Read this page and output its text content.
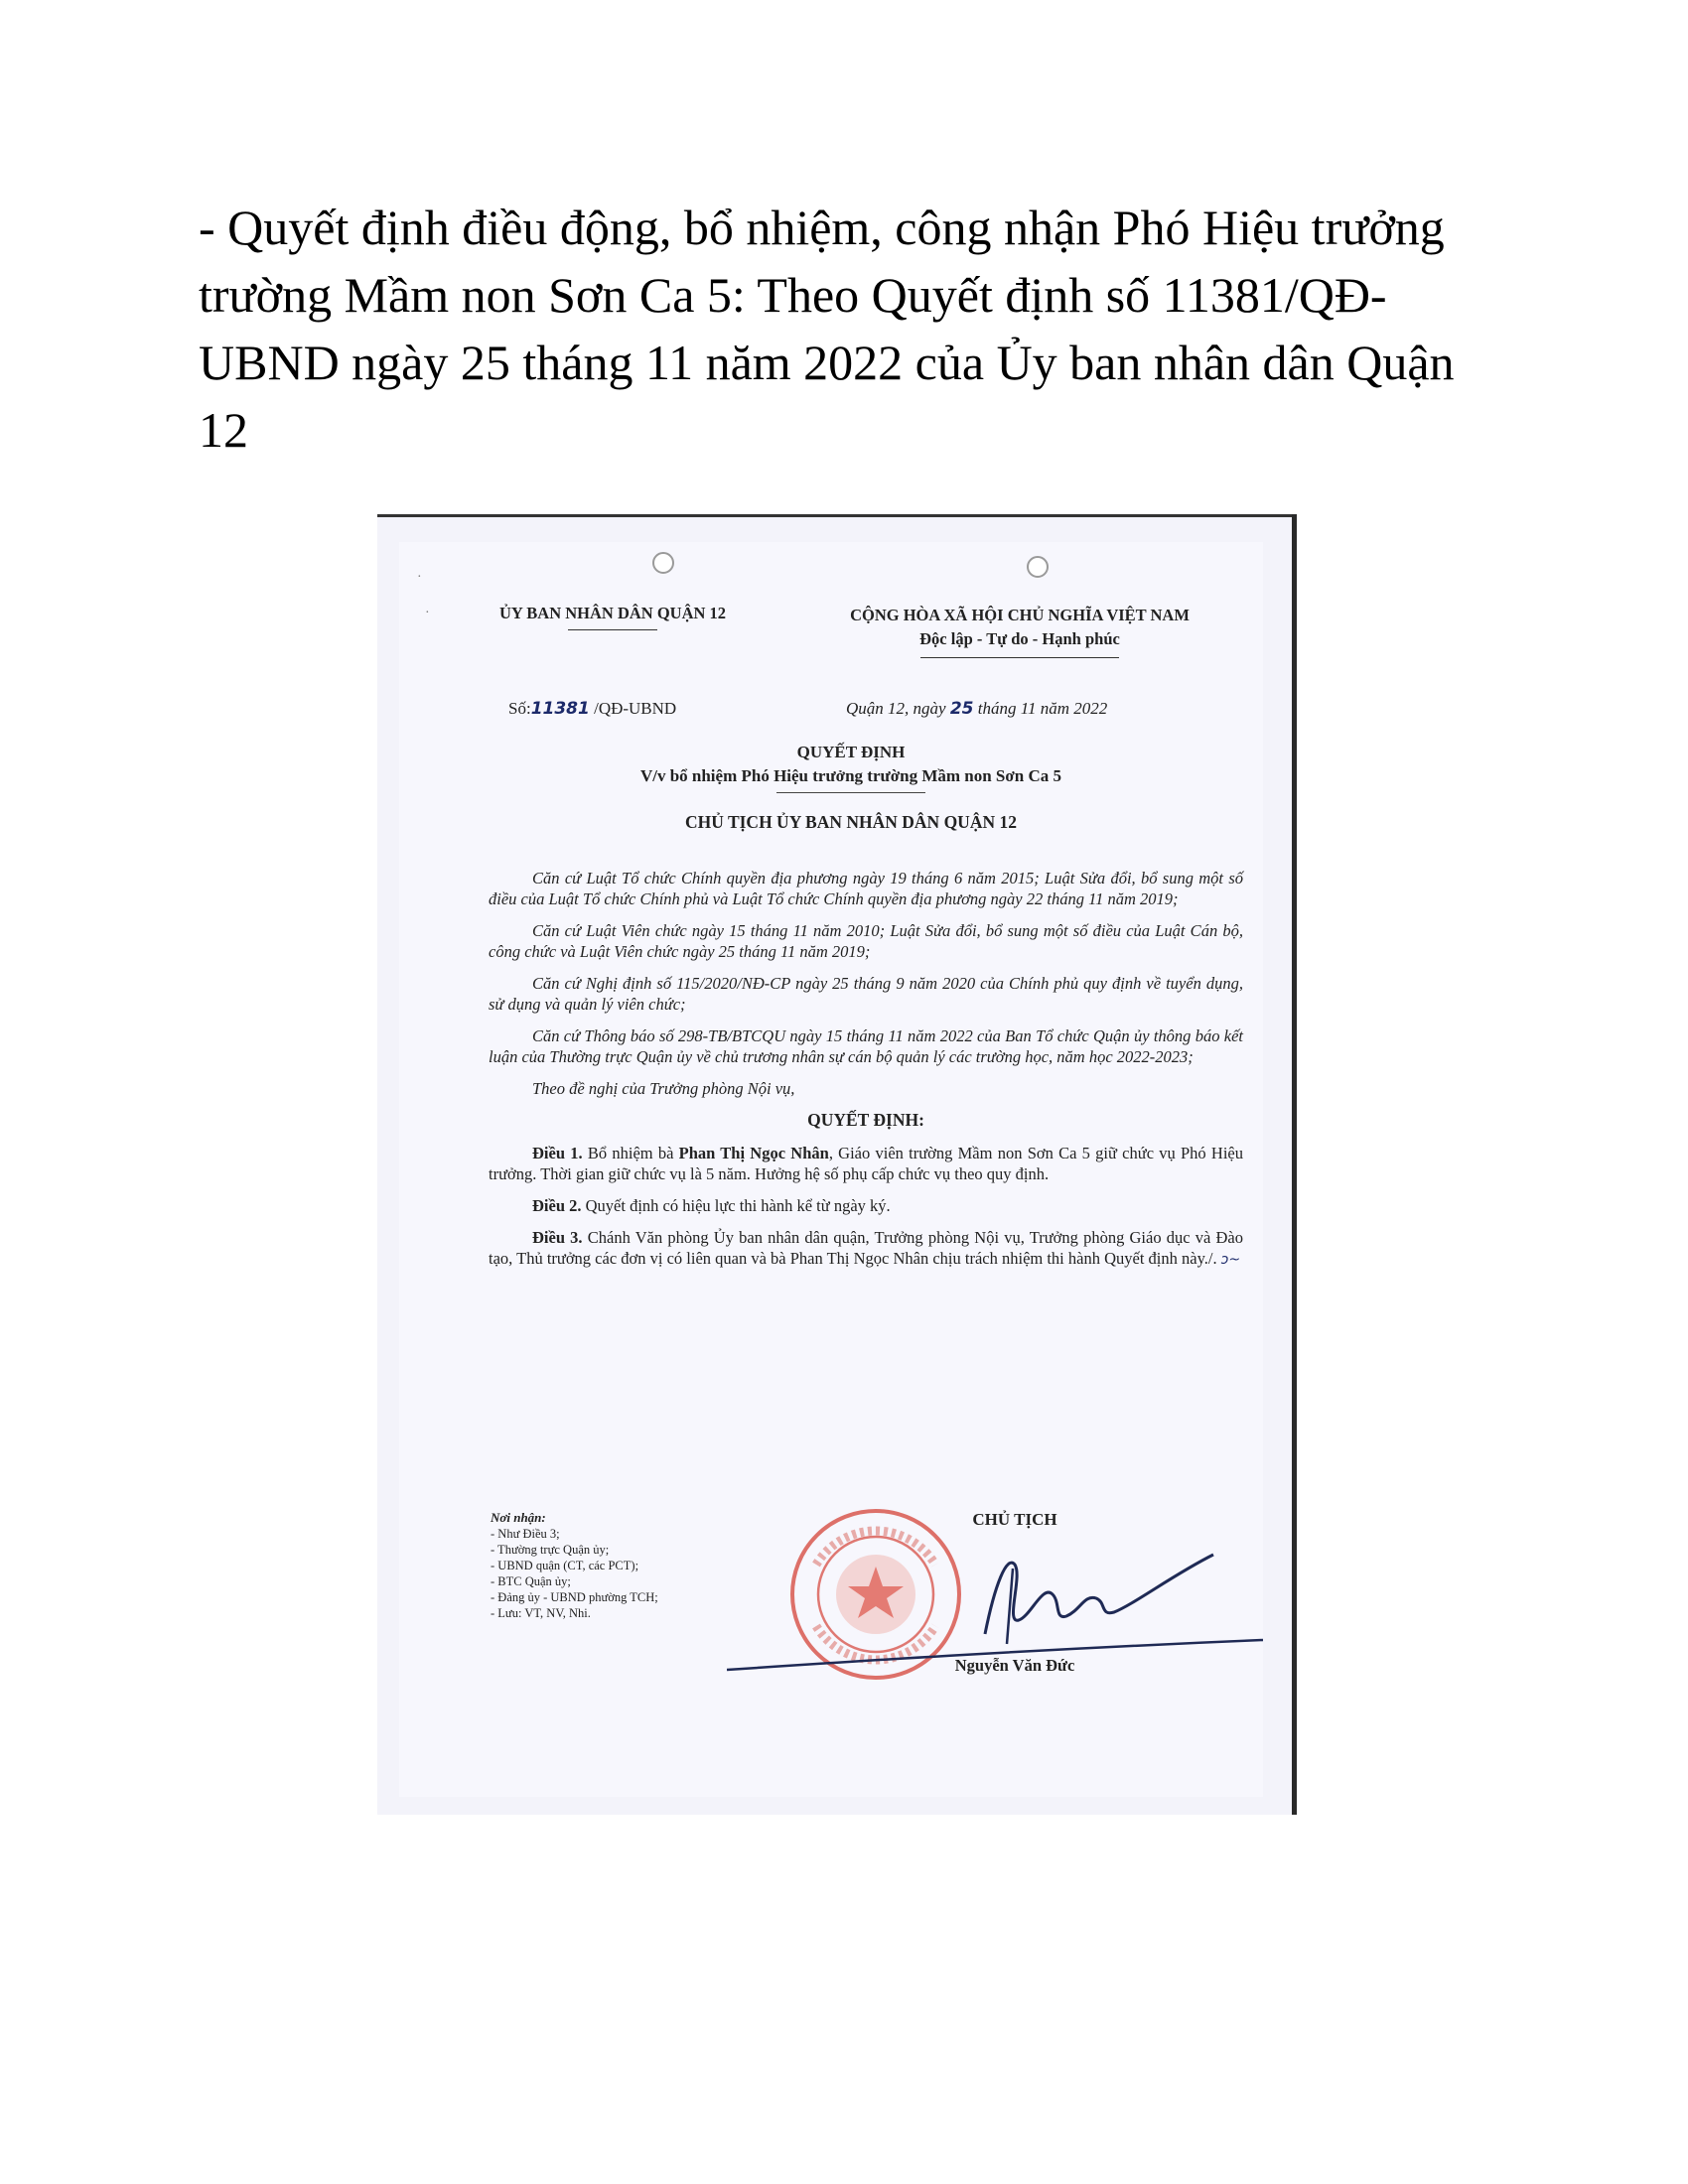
- Quyết định điều động, bổ nhiệm, công nhận Phó Hiệu trưởng trường Mầm non Sơn Ca 5: Theo Quyết định số 11381/QĐ-UBND ngày 25 tháng 11 năm 2022 của Ủy ban nhân dân Quận 12
·
·	ỦY BAN NHÂN DÂN QUẬN 12	CỘNG HÒA XÃ HỘI CHỦ NGHĨA VIỆT NAM
Độc lập - Tự do - Hạnh phúc
Số:11381 /QĐ-UBND	Quận 12, ngày 25 tháng 11 năm 2022
QUYẾT ĐỊNH
V/v bổ nhiệm Phó Hiệu trưởng trường Mầm non Sơn Ca 5
CHỦ TỊCH ỦY BAN NHÂN DÂN QUẬN 12

Căn cứ Luật Tổ chức Chính quyền địa phương ngày 19 tháng 6 năm 2015; Luật Sửa đổi, bổ sung một số điều của Luật Tổ chức Chính phủ và Luật Tổ chức Chính quyền địa phương ngày 22 tháng 11 năm 2019;

Căn cứ Luật Viên chức ngày 15 tháng 11 năm 2010; Luật Sửa đổi, bổ sung một số điều của Luật Cán bộ, công chức và Luật Viên chức ngày 25 tháng 11 năm 2019;

Căn cứ Nghị định số 115/2020/NĐ-CP ngày 25 tháng 9 năm 2020 của Chính phủ quy định về tuyển dụng, sử dụng và quản lý viên chức;

Căn cứ Thông báo số 298-TB/BTCQU ngày 15 tháng 11 năm 2022 của Ban Tổ chức Quận ủy thông báo kết luận của Thường trực Quận ủy về chủ trương nhân sự cán bộ quản lý các trường học, năm học 2022-2023;

Theo đề nghị của Trưởng phòng Nội vụ,

QUYẾT ĐỊNH:

Điều 1. Bổ nhiệm bà Phan Thị Ngọc Nhân, Giáo viên trường Mầm non Sơn Ca 5 giữ chức vụ Phó Hiệu trưởng. Thời gian giữ chức vụ là 5 năm. Hưởng hệ số phụ cấp chức vụ theo quy định.

Điều 2. Quyết định có hiệu lực thi hành kể từ ngày ký.

Điều 3. Chánh Văn phòng Ủy ban nhân dân quận, Trưởng phòng Nội vụ, Trưởng phòng Giáo dục và Đào tạo, Thủ trưởng các đơn vị có liên quan và bà Phan Thị Ngọc Nhân chịu trách nhiệm thi hành Quyết định này./. ↄ~

Nơi nhận:
- Như Điều 3;
- Thường trực Quận ủy;
- UBND quận (CT, các PCT);
- BTC Quận ủy;
- Đảng ủy - UBND phường TCH;
- Lưu: VT, NV, Nhi.
CHỦ TỊCH
Nguyễn Văn Đức
